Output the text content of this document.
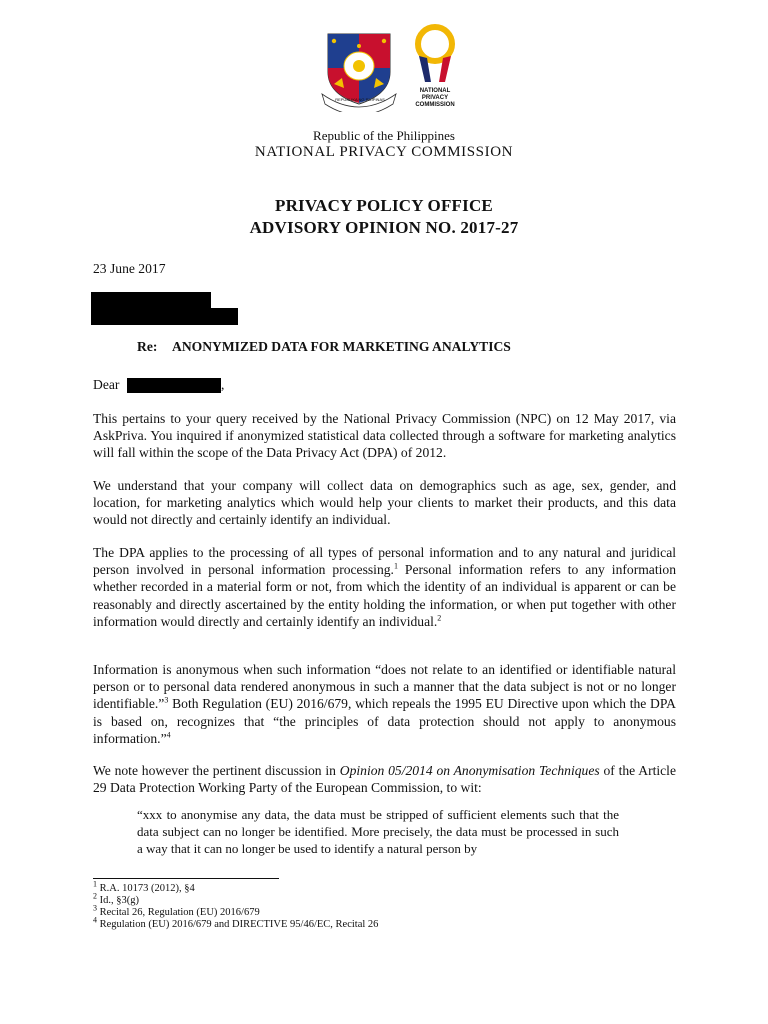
REPUBLIKA NG PILIPINAS
NATIONAL
PRIVACY
COMMISSION
Republic of the Philippines
NATIONAL PRIVACY COMMISSION
PRIVACY POLICY OFFICE
ADVISORY OPINION NO. 2017-27
23 June 2017
Re: ANONYMIZED DATA FOR MARKETING ANALYTICS
Dear	,

This pertains to your query received by the National Privacy Commission (NPC) on 12 May 2017, via AskPriva. You inquired if anonymized statistical data collected through a software for marketing analytics will fall within the scope of the Data Privacy Act (DPA) of 2012.

We understand that your company will collect data on demographics such as age, sex, gender, and location, for marketing analytics which would help your clients to market their products, and this data would not directly and certainly identify an individual.

The DPA applies to the processing of all types of personal information and to any natural and juridical person involved in personal information processing.$^1$ Personal information refers to any information whether recorded in a material form or not, from which the identity of an individual is apparent or can be reasonably and directly ascertained by the entity holding the information, or when put together with other information would directly and certainly identify an individual.$^2$

Information is anonymous when such information “does not relate to an identified or identifiable natural person or to personal data rendered anonymous in such a manner that the data subject is not or no longer identifiable.”$^3$ Both Regulation (EU) 2016/679, which repeals the 1995 EU Directive upon which the DPA is based on, recognizes that “the principles of data protection should not apply to anonymous information.”$^4$

We note however the pertinent discussion in Opinion 05/2014 on Anonymisation Techniques of the Article 29 Data Protection Working Party of the European Commission, to wit:

“xxx to anonymise any data, the data must be stripped of sufficient elements such that the data subject can no longer be identified. More precisely, the data must be processed in such a way that it can no longer be used to identify a natural person by

$^1$ R.A. 10173 (2012), §4
$^2$ Id., §3(g)
$^3$ Recital 26, Regulation (EU) 2016/679
$^4$ Regulation (EU) 2016/679 and DIRECTIVE 95/46/EC, Recital 26
